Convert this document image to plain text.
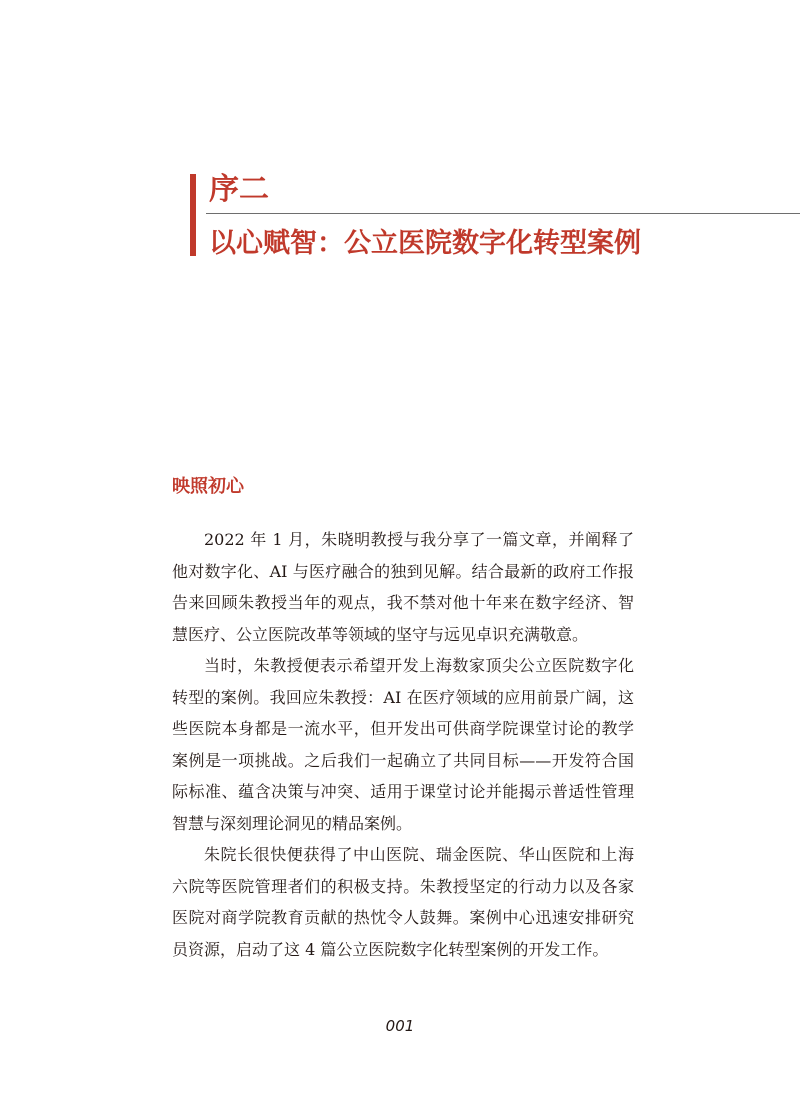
序二
以心赋智：公立医院数字化转型案例
映照初心

2022 年 1 月，朱晓明教授与我分享了一篇文章，并阐释了他对数字化、AI 与医疗融合的独到见解。结合最新的政府工作报告来回顾朱教授当年的观点，我不禁对他十年来在数字经济、智慧医疗、公立医院改革等领域的坚守与远见卓识充满敬意。

当时，朱教授便表示希望开发上海数家顶尖公立医院数字化转型的案例。我回应朱教授：AI 在医疗领域的应用前景广阔，这些医院本身都是一流水平，但开发出可供商学院课堂讨论的教学案例是一项挑战。之后我们一起确立了共同目标——开发符合国际标准、蕴含决策与冲突、适用于课堂讨论并能揭示普适性管理智慧与深刻理论洞见的精品案例。

朱院长很快便获得了中山医院、瑞金医院、华山医院和上海六院等医院管理者们的积极支持。朱教授坚定的行动力以及各家医院对商学院教育贡献的热忱令人鼓舞。案例中心迅速安排研究员资源，启动了这 4 篇公立医院数字化转型案例的开发工作。

001
